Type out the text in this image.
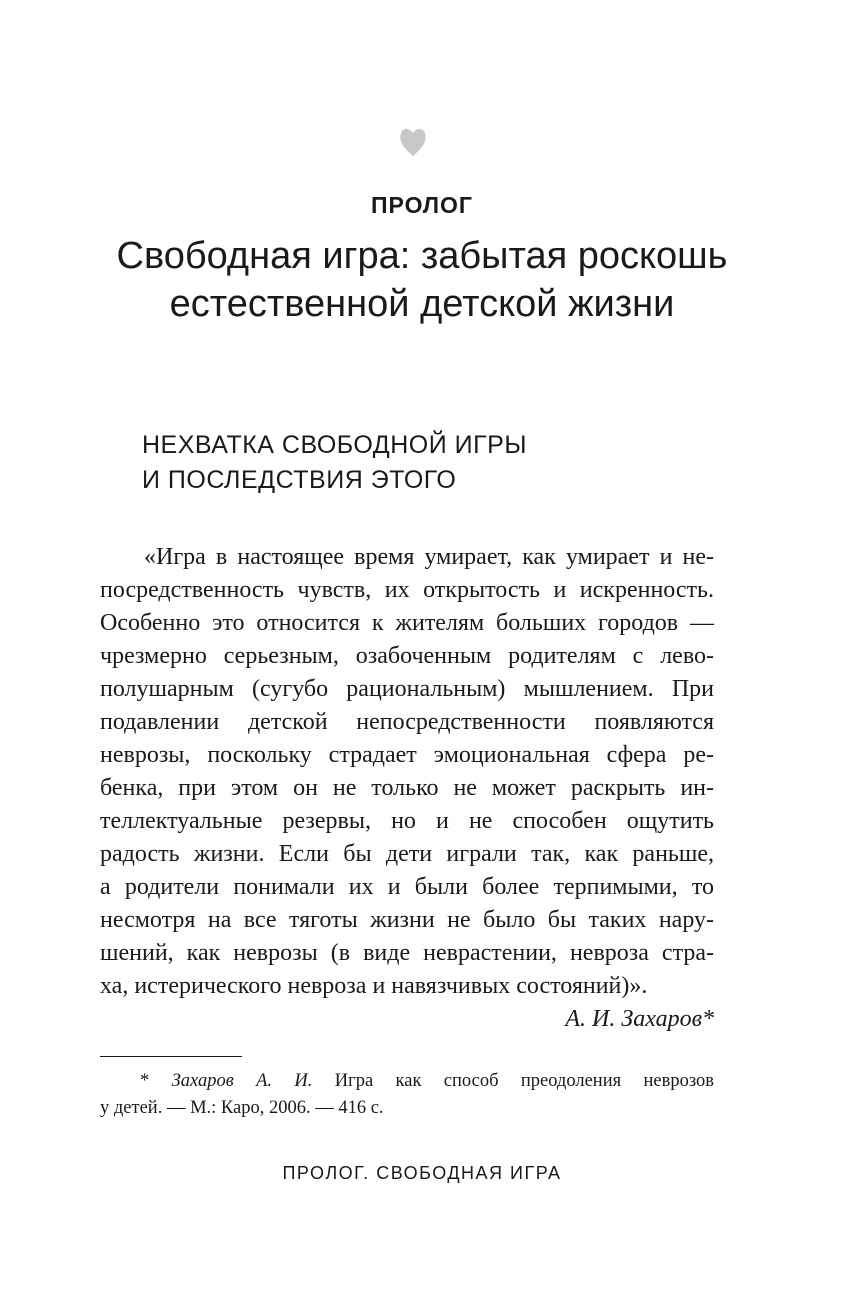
ПРОЛОГ
Свободная игра: забытая роскошь
естественной детской жизни
НЕХВАТКА СВОБОДНОЙ ИГРЫ
И ПОСЛЕДСТВИЯ ЭТОГО

«Игра в настоящее время умирает, как умирает и не-
посредственность чувств, их открытость и искренность.
Особенно это относится к жителям больших городов —
чрезмерно серьезным, озабоченным родителям с лево-
полушарным (сугубо рациональным) мышлением. При
подавлении детской непосредственности появляются
неврозы, поскольку страдает эмоциональная сфера ре-
бенка, при этом он не только не может раскрыть ин-
теллектуальные резервы, но и не способен ощутить
радость жизни. Если бы дети играли так, как раньше,
а родители понимали их и были более терпимыми, то
несмотря на все тяготы жизни не было бы таких нару-
шений, как неврозы (в виде неврастении, невроза стра-
ха, истерического невроза и навязчивых состояний)».

А. И. Захаров*
* Захаров А. И. Игра как способ преодоления неврозов
у детей. — М.: Каро, 2006. — 416 с.
ПРОЛОГ. СВОБОДНАЯ ИГРА
